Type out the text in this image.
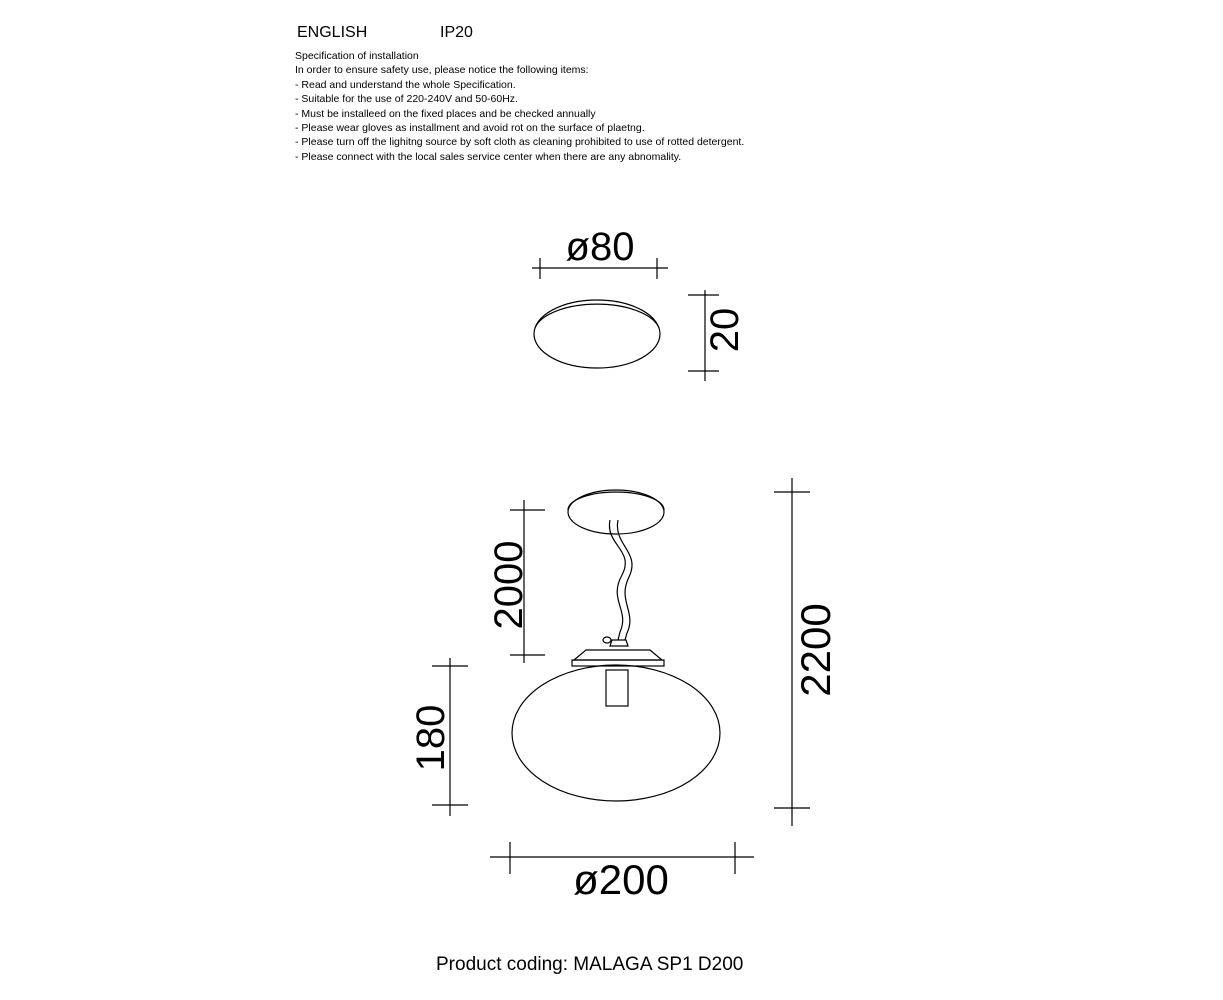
ENGLISH	IP20
Specification of installation
In order to ensure safety use, please notice the following items:
- Read and understand the whole Specification.
- Suitable for the use of 220-240V and 50-60Hz.
- Must be installeed on the fixed places and be checked annually
- Please wear gloves as installment and avoid rot on the surface of plaetng.
- Please turn off the lighitng source by soft cloth as cleaning prohibited to use of rotted detergent.
- Please connect with the local sales service center when there are any abnomality.
ø80
20
2000
180
2200
ø200
Product coding: MALAGA SP1 D200
